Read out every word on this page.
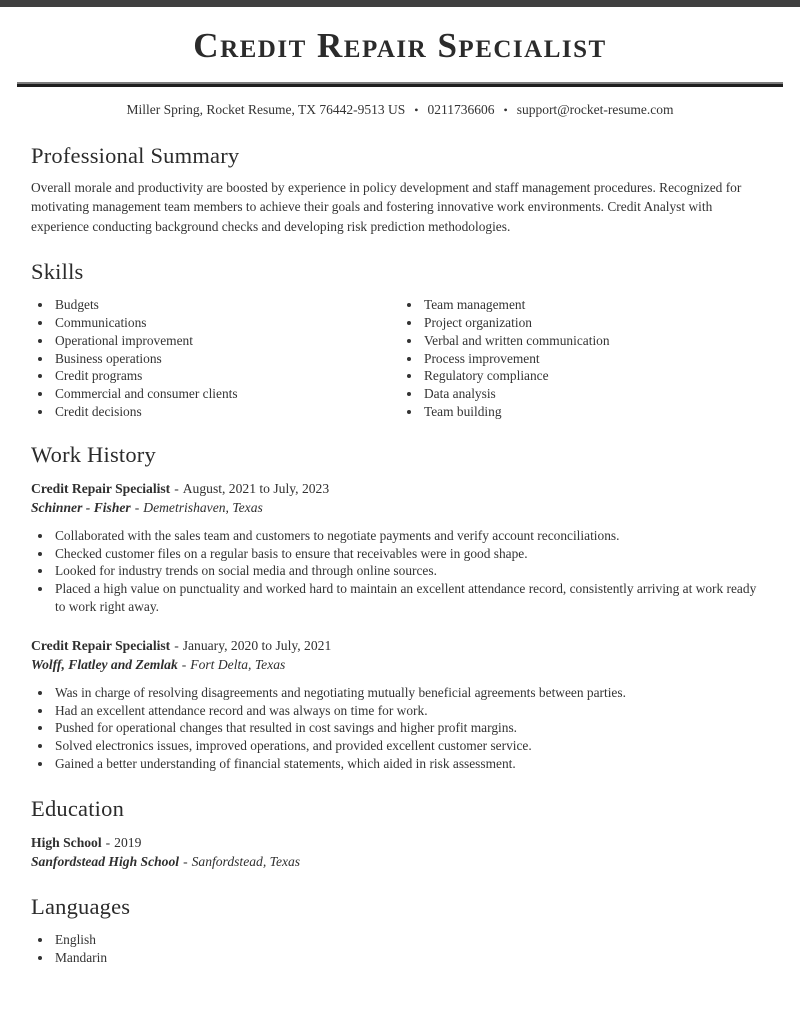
Credit Repair Specialist
Miller Spring, Rocket Resume, TX 76442-9513 US • 0211736606 • support@rocket-resume.com
Professional Summary

Overall morale and productivity are boosted by experience in policy development and staff management procedures. Recognized for motivating management team members to achieve their goals and fostering innovative work environments. Credit Analyst with experience conducting background checks and developing risk prediction methodologies.

Skills
• Budgets
• Communications
• Operational improvement
• Business operations
• Credit programs
• Commercial and consumer clients
• Credit decisions
• Team management
• Project organization
• Verbal and written communication
• Process improvement
• Regulatory compliance
• Data analysis
• Team building
Work History
Credit Repair Specialist - August, 2021 to July, 2023
Schinner - Fisher - Demetrishaven, Texas
• Collaborated with the sales team and customers to negotiate payments and verify account reconciliations.
• Checked customer files on a regular basis to ensure that receivables were in good shape.
• Looked for industry trends on social media and through online sources.
• Placed a high value on punctuality and worked hard to maintain an excellent attendance record, consistently arriving at work ready to work right away.
Credit Repair Specialist - January, 2020 to July, 2021
Wolff, Flatley and Zemlak - Fort Delta, Texas
• Was in charge of resolving disagreements and negotiating mutually beneficial agreements between parties.
• Had an excellent attendance record and was always on time for work.
• Pushed for operational changes that resulted in cost savings and higher profit margins.
• Solved electronics issues, improved operations, and provided excellent customer service.
• Gained a better understanding of financial statements, which aided in risk assessment.
Education
High School - 2019
Sanfordstead High School - Sanfordstead, Texas
Languages
• English
• Mandarin
